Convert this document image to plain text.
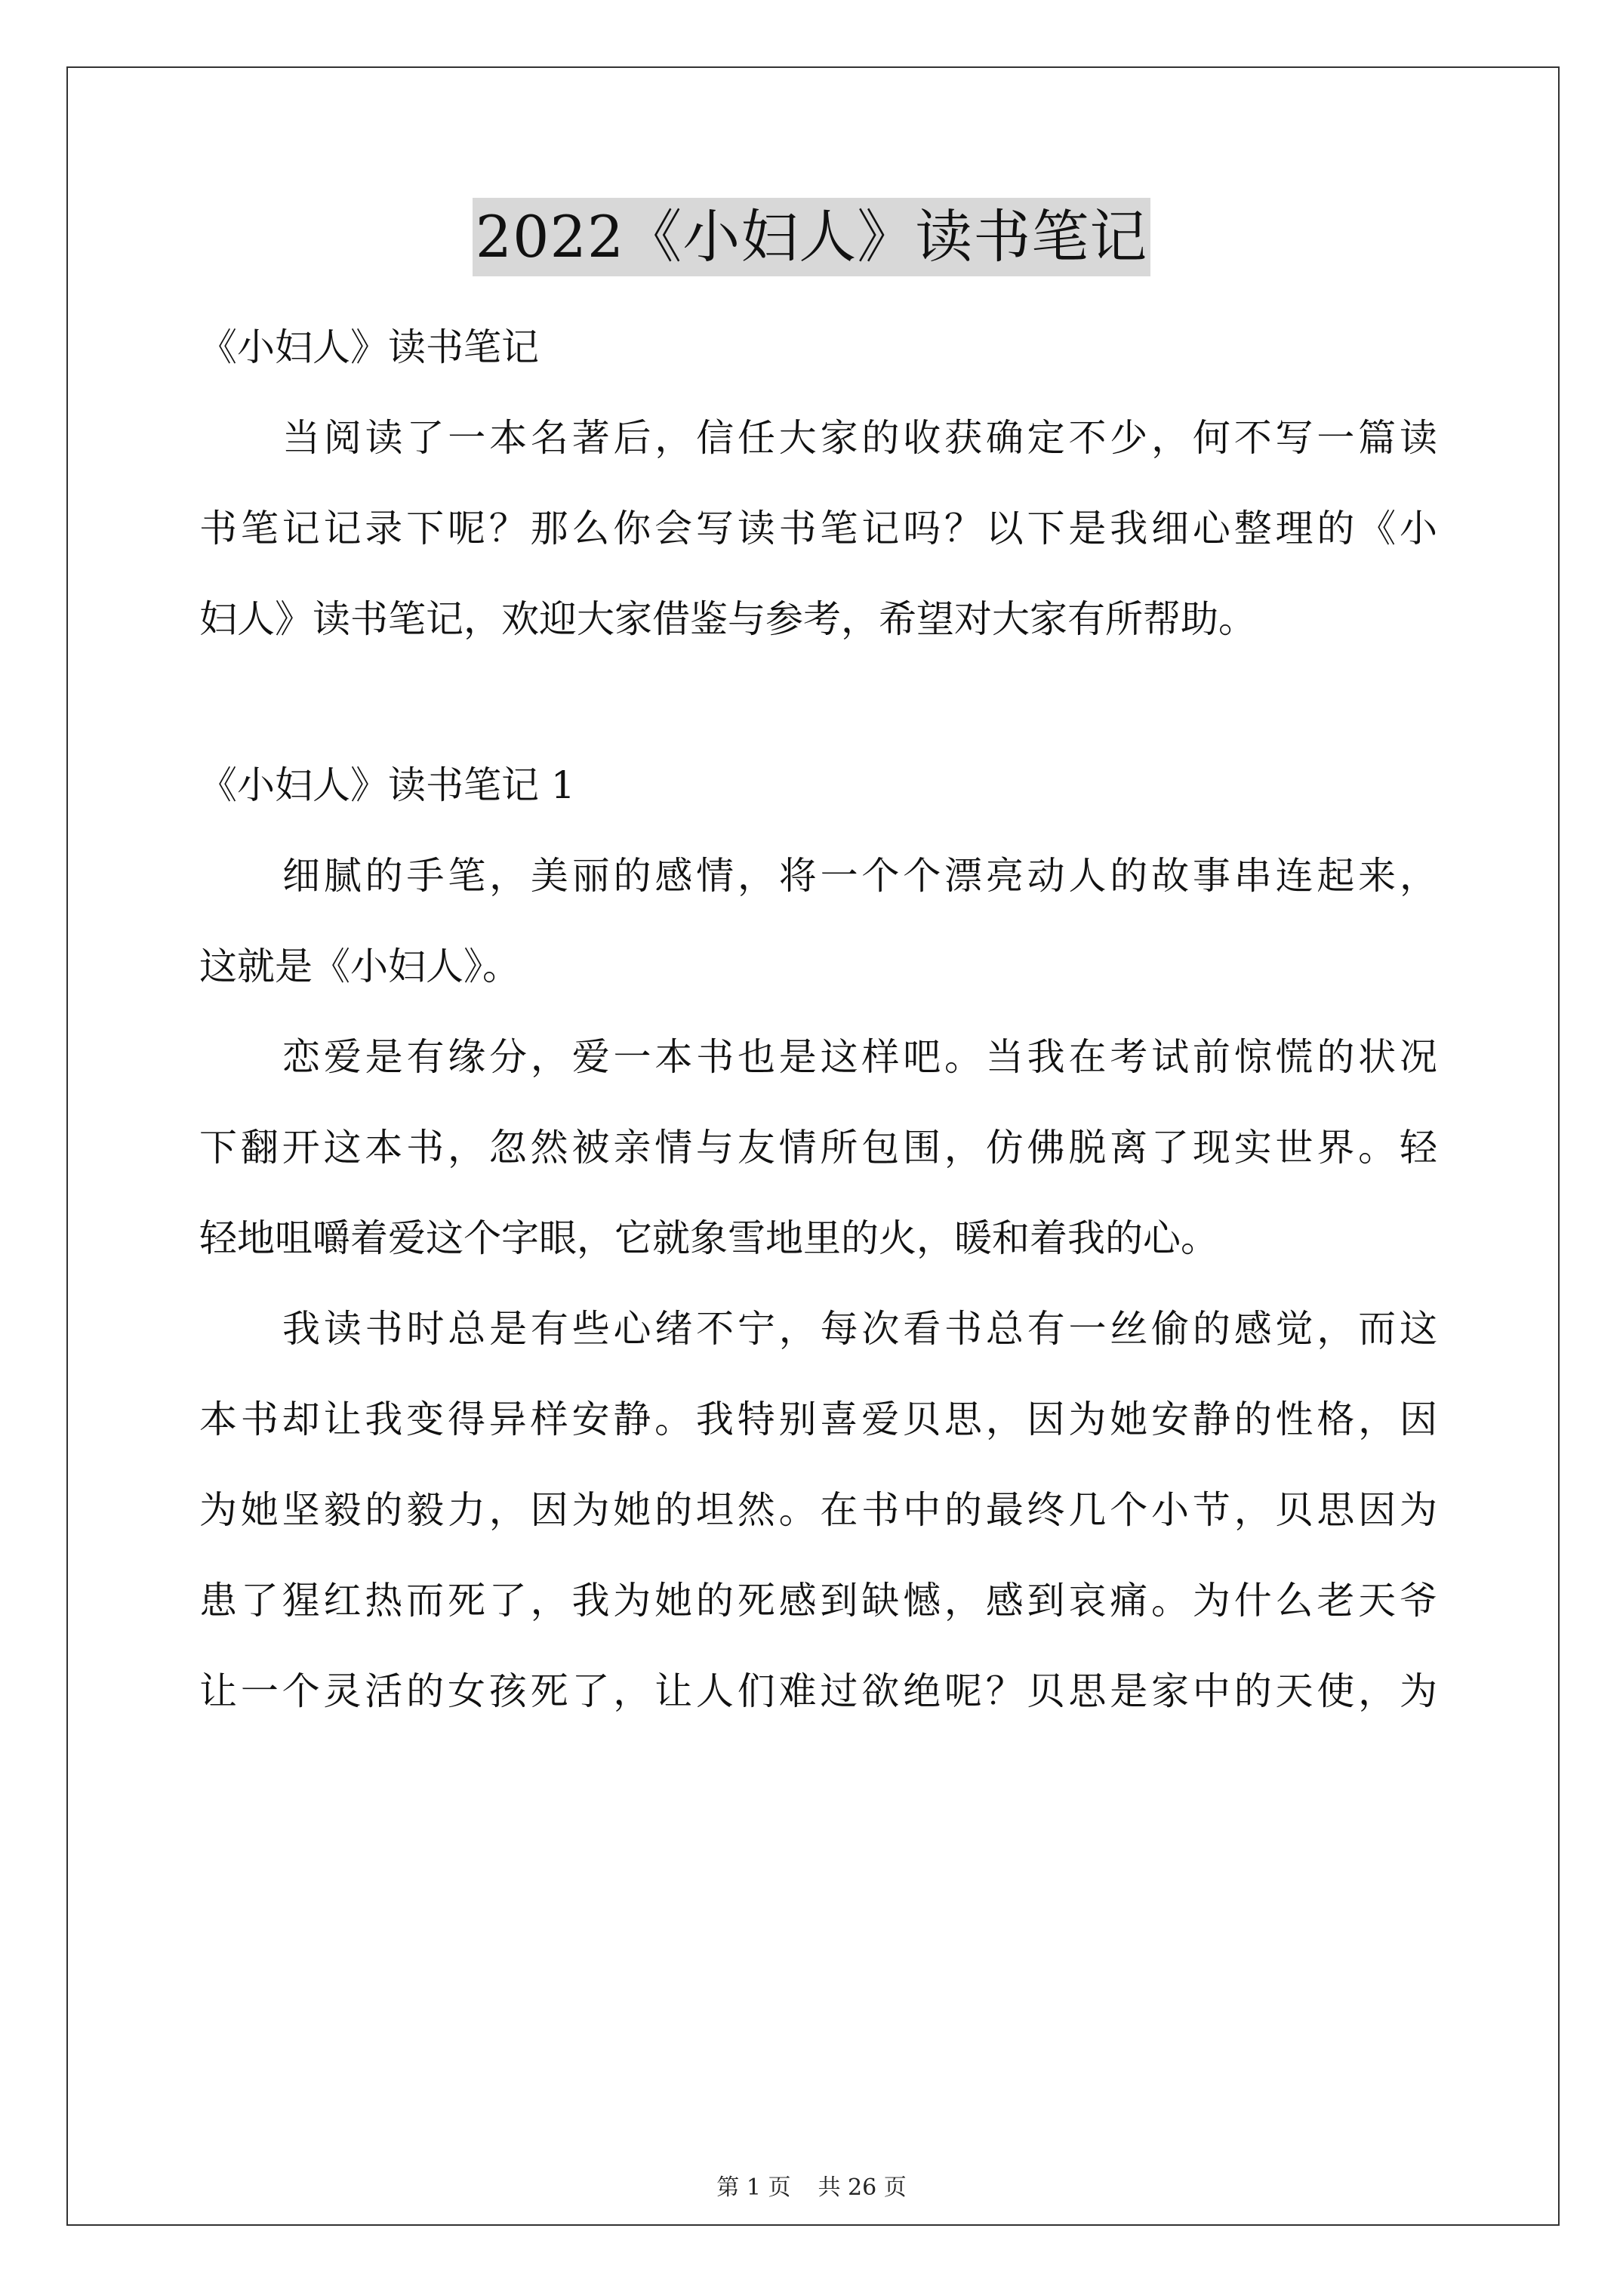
2022《小妇人》读书笔记
《小妇人》读书笔记
当阅读了一本名著后，信任大家的收获确定不少，何不写一篇读
书笔记记录下呢？那么你会写读书笔记吗？以下是我细心整理的《小
妇人》读书笔记，欢迎大家借鉴与参考，希望对大家有所帮助。
《小妇人》读书笔记 1
细腻的手笔，美丽的感情，将一个个漂亮动人的故事串连起来，
这就是《小妇人》。
恋爱是有缘分，爱一本书也是这样吧。当我在考试前惊慌的状况
下翻开这本书，忽然被亲情与友情所包围，仿佛脱离了现实世界。轻
轻地咀嚼着爱这个字眼，它就象雪地里的火，暖和着我的心。
我读书时总是有些心绪不宁，每次看书总有一丝偷的感觉，而这
本书却让我变得异样安静。我特别喜爱贝思，因为她安静的性格，因
为她坚毅的毅力，因为她的坦然。在书中的最终几个小节，贝思因为
患了猩红热而死了，我为她的死感到缺憾，感到哀痛。为什么老天爷
让一个灵活的女孩死了，让人们难过欲绝呢？贝思是家中的天使，为
第 1 页 共 26 页
